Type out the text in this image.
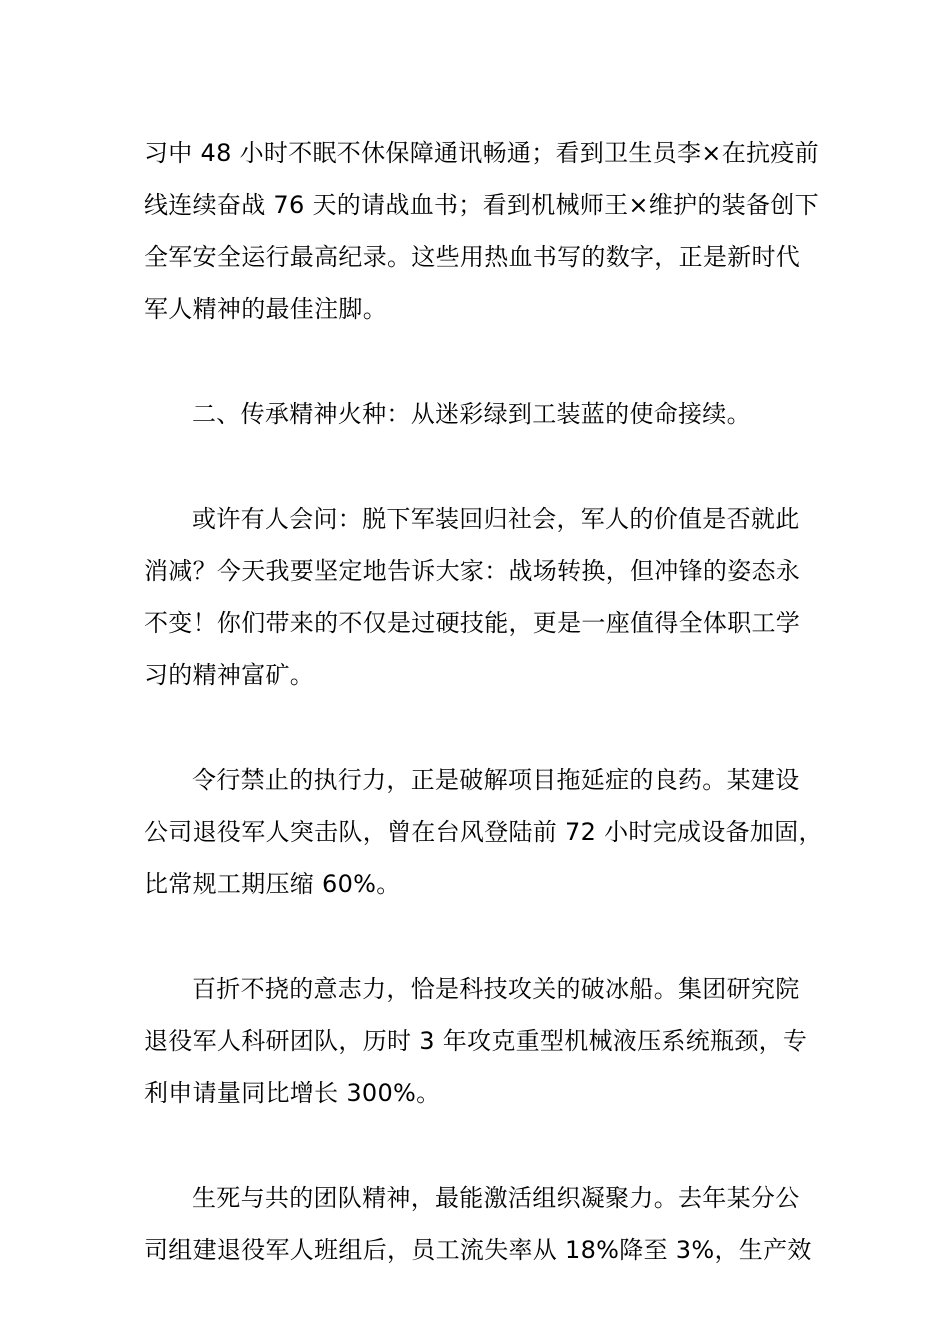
习中 48 小时不眠不休保障通讯畅通；看到卫生员李×在抗疫前
线连续奋战 76 天的请战血书；看到机械师王×维护的装备创下
全军安全运行最高纪录。这些用热血书写的数字，正是新时代
军人精神的最佳注脚。

二、传承精神火种：从迷彩绿到工装蓝的使命接续。

或许有人会问：脱下军装回归社会，军人的价值是否就此
消减？今天我要坚定地告诉大家：战场转换，但冲锋的姿态永
不变！你们带来的不仅是过硬技能，更是一座值得全体职工学
习的精神富矿。

令行禁止的执行力，正是破解项目拖延症的良药。某建设
公司退役军人突击队，曾在台风登陆前 72 小时完成设备加固，
比常规工期压缩 60%。

百折不挠的意志力，恰是科技攻关的破冰船。集团研究院
退役军人科研团队，历时 3 年攻克重型机械液压系统瓶颈，专
利申请量同比增长 300%。

生死与共的团队精神，最能激活组织凝聚力。去年某分公
司组建退役军人班组后，员工流失率从 18%降至 3%，生产效
